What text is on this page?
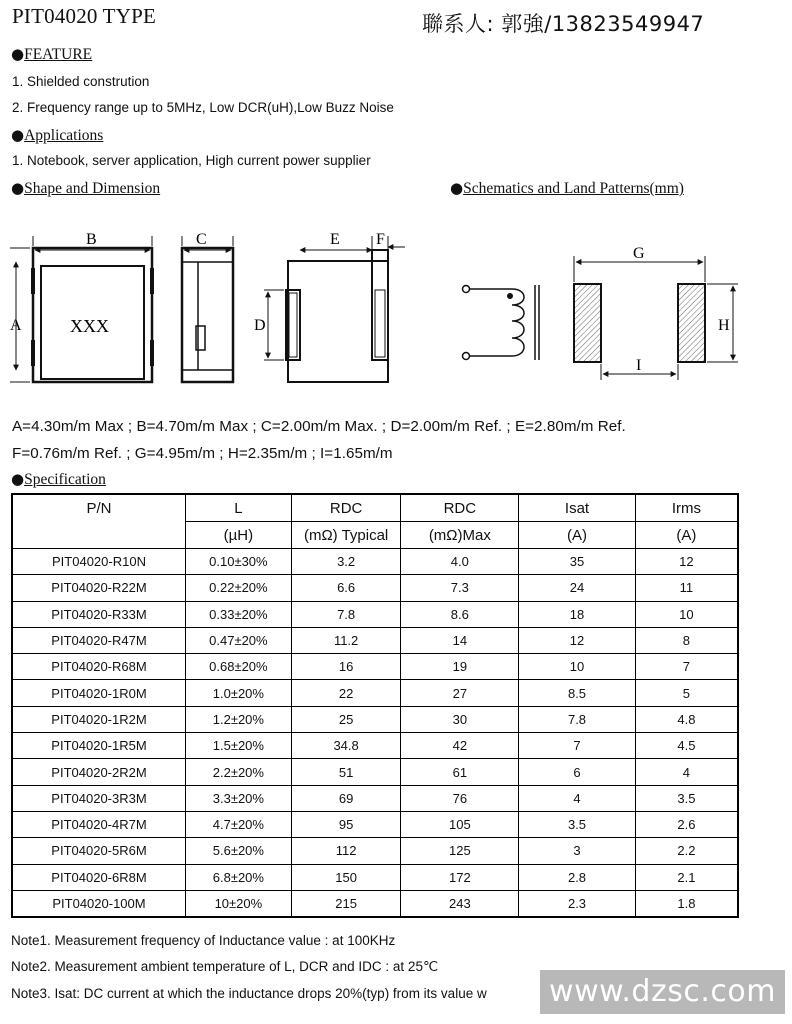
PIT04020 TYPE	聯系人: 郭強/13823549947
●FEATURE
1. Shielded constrution
2. Frequency range up to 5MHz, Low DCR(uH),Low Buzz Noise
●Applications
1. Notebook, server application, High current power supplier
●Shape and Dimension	●Schematics and Land Patterns(mm)
B
A	XXX
C	E F
D
G
H
I
A=4.30m/m Max ; B=4.70m/m Max ; C=2.00m/m Max. ; D=2.00m/m Ref. ; E=2.80m/m Ref.
F=0.76m/m Ref. ; G=4.95m/m ; H=2.35m/m ; I=1.65m/m
●Specification
P/N	L	RDC	RDC	Isat	Irms
	(µH)	(mΩ) Typical	(mΩ)Max	(A)	(A)
PIT04020-R10N	0.10±30%	3.2	4.0	35	12
PIT04020-R22M	0.22±20%	6.6	7.3	24	11
PIT04020-R33M	0.33±20%	7.8	8.6	18	10
PIT04020-R47M	0.47±20%	11.2	14	12	8
PIT04020-R68M	0.68±20%	16	19	10	7
PIT04020-1R0M	1.0±20%	22	27	8.5	5
PIT04020-1R2M	1.2±20%	25	30	7.8	4.8
PIT04020-1R5M	1.5±20%	34.8	42	7	4.5
PIT04020-2R2M	2.2±20%	51	61	6	4
PIT04020-3R3M	3.3±20%	69	76	4	3.5
PIT04020-4R7M	4.7±20%	95	105	3.5	2.6
PIT04020-5R6M	5.6±20%	112	125	3	2.2
PIT04020-6R8M	6.8±20%	150	172	2.8	2.1
PIT04020-100M	10±20%	215	243	2.3	1.8
Note1. Measurement frequency of Inductance value : at 100KHz
Note2. Measurement ambient temperature of L, DCR and IDC : at 25℃
Note3. Isat: DC current at which the inductance drops 20%(typ) from its value w	www.dzsc.com
